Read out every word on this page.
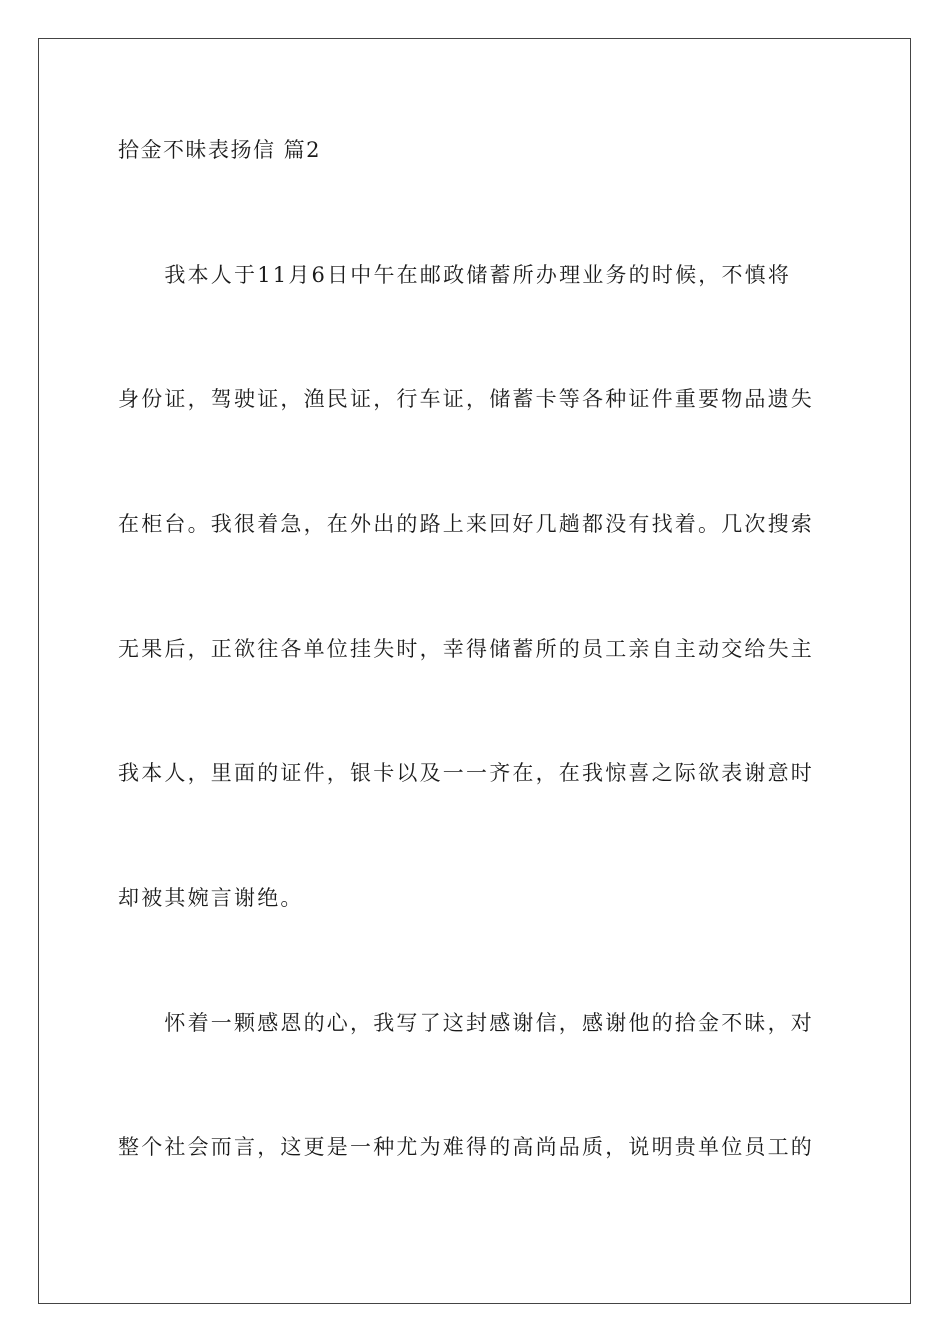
拾金不昧表扬信 篇2
　　我本人于11月6日中午在邮政储蓄所办理业务的时候，不慎将
身份证，驾驶证，渔民证，行车证，储蓄卡等各种证件重要物品遗失
在柜台。我很着急，在外出的路上来回好几趟都没有找着。几次搜索
无果后，正欲往各单位挂失时，幸得储蓄所的员工亲自主动交给失主
我本人，里面的证件，银卡以及一一齐在，在我惊喜之际欲表谢意时
却被其婉言谢绝。
　　怀着一颗感恩的心，我写了这封感谢信，感谢他的拾金不昧，对
整个社会而言，这更是一种尤为难得的高尚品质，说明贵单位员工的
